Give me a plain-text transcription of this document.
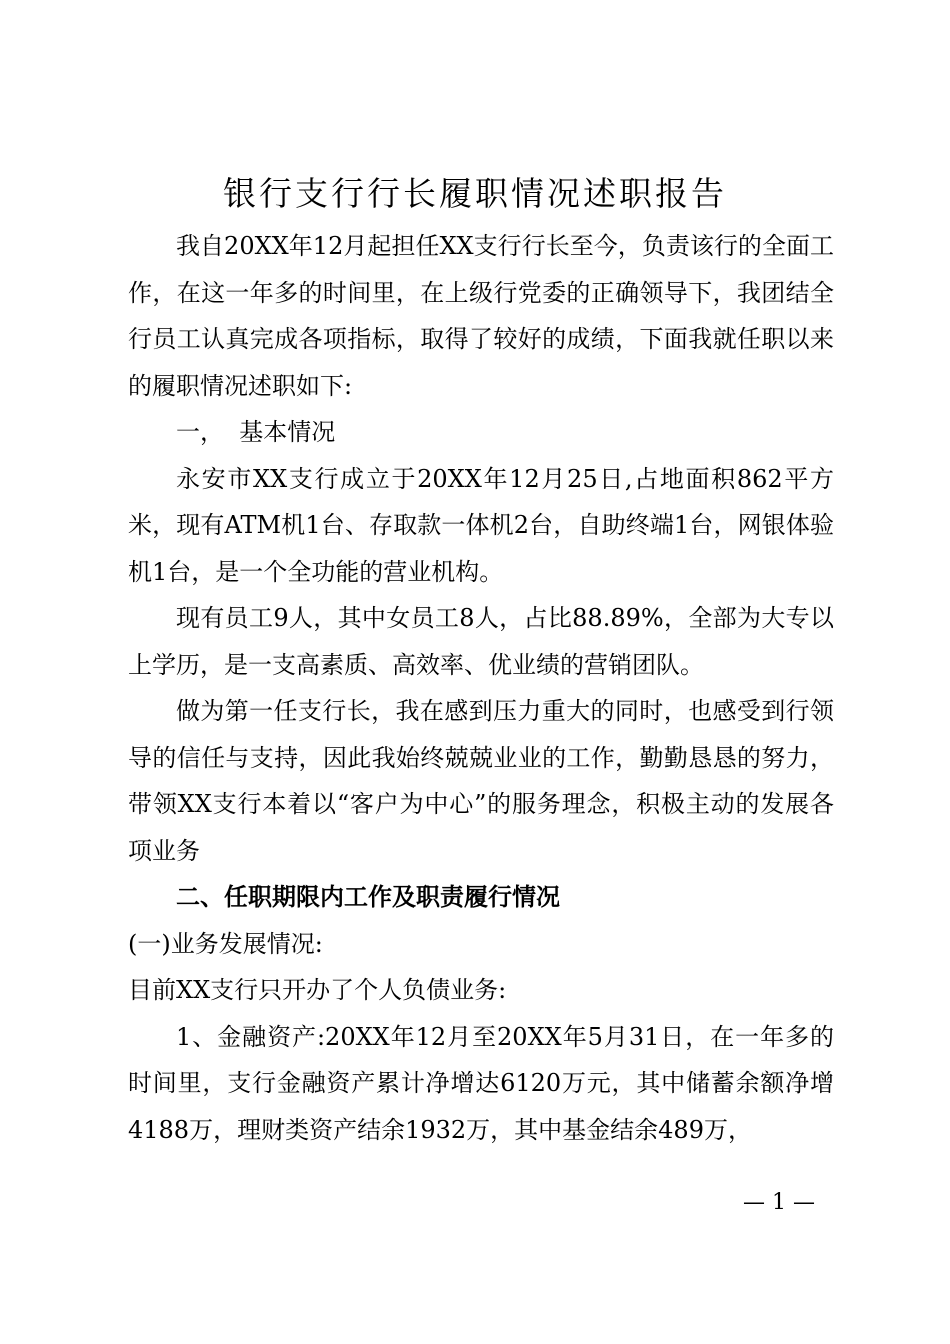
银行支行行长履职情况述职报告

我自20XX年12月起担任XX支行行长至今，负责该行的全面工作，在这一年多的时间里，在上级行党委的正确领导下，我团结全行员工认真完成各项指标，取得了较好的成绩，下面我就任职以来的履职情况述职如下:

一，  基本情况

永安市XX支行成立于20XX年12月25日,占地面积862平方米，现有ATM机1台、存取款一体机2台，自助终端1台，网银体验机1台，是一个全功能的营业机构。

现有员工9人，其中女员工8人，占比88.89%，全部为大专以上学历，是一支高素质、高效率、优业绩的营销团队。

做为第一任支行长，我在感到压力重大的同时，也感受到行领导的信任与支持，因此我始终兢兢业业的工作，勤勤恳恳的努力，带领XX支行本着以“客户为中心”的服务理念，积极主动的发展各项业务

二、任职期限内工作及职责履行情况

(一)业务发展情况:

目前XX支行只开办了个人负债业务:

1、金融资产:20XX年12月至20XX年5月31日，在一年多的时间里，支行金融资产累计净增达6120万元，其中储蓄余额净增4188万，理财类资产结余1932万，其中基金结余489万，

— 1 —
